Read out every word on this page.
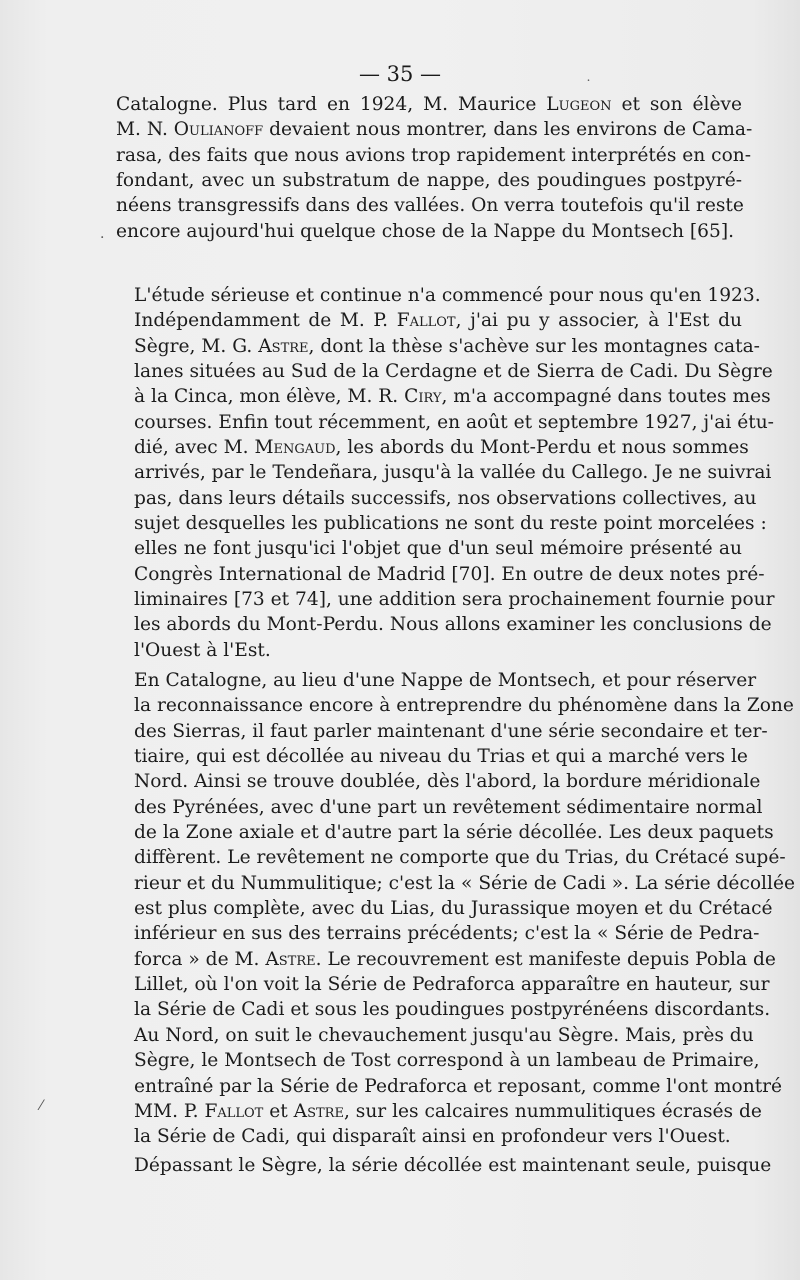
— 35 —

Catalogne. Plus tard en 1924, M. Maurice Lugeon et son élève
M. N. Oulianoff devaient nous montrer, dans les environs de Cama-
rasa, des faits que nous avions trop rapidement interprétés en con-
fondant, avec un substratum de nappe, des poudingues postpyré-
néens transgressifs dans des vallées. On verra toutefois qu'il reste
encore aujourd'hui quelque chose de la Nappe du Montsech [65].

L'étude sérieuse et continue n'a commencé pour nous qu'en 1923.
Indépendamment de M. P. Fallot, j'ai pu y associer, à l'Est du
Sègre, M. G. Astre, dont la thèse s'achève sur les montagnes cata-
lanes situées au Sud de la Cerdagne et de Sierra de Cadi. Du Sègre
à la Cinca, mon élève, M. R. Ciry, m'a accompagné dans toutes mes
courses. Enfin tout récemment, en août et septembre 1927, j'ai étu-
dié, avec M. Mengaud, les abords du Mont-Perdu et nous sommes
arrivés, par le Tendeñara, jusqu'à la vallée du Callego. Je ne suivrai
pas, dans leurs détails successifs, nos observations collectives, au
sujet desquelles les publications ne sont du reste point morcelées :
elles ne font jusqu'ici l'objet que d'un seul mémoire présenté au
Congrès International de Madrid [70]. En outre de deux notes pré-
liminaires [73 et 74], une addition sera prochainement fournie pour
les abords du Mont-Perdu. Nous allons examiner les conclusions de
l'Ouest à l'Est.

En Catalogne, au lieu d'une Nappe de Montsech, et pour réserver
la reconnaissance encore à entreprendre du phénomène dans la Zone
des Sierras, il faut parler maintenant d'une série secondaire et ter-
tiaire, qui est décollée au niveau du Trias et qui a marché vers le
Nord. Ainsi se trouve doublée, dès l'abord, la bordure méridionale
des Pyrénées, avec d'une part un revêtement sédimentaire normal
de la Zone axiale et d'autre part la série décollée. Les deux paquets
diffèrent. Le revêtement ne comporte que du Trias, du Crétacé supé-
rieur et du Nummulitique; c'est la « Série de Cadi ». La série décollée
est plus complète, avec du Lias, du Jurassique moyen et du Crétacé
inférieur en sus des terrains précédents; c'est la « Série de Pedra-
forca » de M. Astre. Le recouvrement est manifeste depuis Pobla de
Lillet, où l'on voit la Série de Pedraforca apparaître en hauteur, sur
la Série de Cadi et sous les poudingues postpyrénéens discordants.
Au Nord, on suit le chevauchement jusqu'au Sègre. Mais, près du
Sègre, le Montsech de Tost correspond à un lambeau de Primaire,
entraîné par la Série de Pedraforca et reposant, comme l'ont montré
MM. P. Fallot et Astre, sur les calcaires nummulitiques écrasés de
la Série de Cadi, qui disparaît ainsi en profondeur vers l'Ouest.

Dépassant le Sègre, la série décollée est maintenant seule, puisque

·
⁄
˙
